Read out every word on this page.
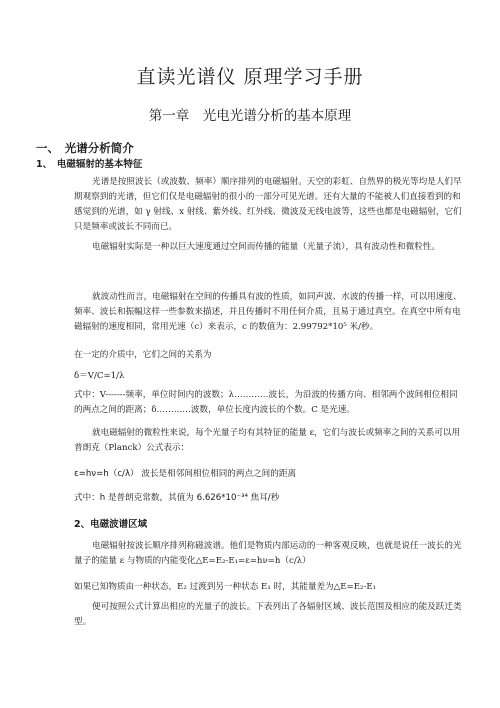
直读光谱仪 原理学习手册
第一章　光电光谱分析的基本原理
一、　光谱分析简介
1、　电磁辐射的基本特征
光谱是按照波长（或波数、频率）顺序排列的电磁辐射。天空的彩虹、自然界的极光等均是人们早期观察到的光谱，但它们仅是电磁辐射的很小的一部分可见光谱。还有大量的不能被人们直接看到的和感觉到的光谱，如 γ 射线、x 射线、紫外线、红外线、微波及无线电波等，这些也都是电磁辐射，它们只是频率或波长不同而已。
电磁辐射实际是一种以巨大速度通过空间而传播的能量（光量子流），具有波动性和微粒性。
就波动性而言，电磁辐射在空间的传播具有波的性质，如同声波、水波的传播一样，可以用速度、频率、波长和振幅这样一些参数来描述，并且传播时不用任何介质，且易于通过真空。在真空中所有电磁辐射的速度相同，常用光速（c）来表示，c 的数值为：2.99792*10⁵ 米/秒。
在一定的介质中，它们之间的关系为
δ＝V/C=1/λ
式中：V-------频率，单位时间内的波数；λ…………波长，为沿波的传播方向、相邻两个波间相位相同的两点之间的距离；δ…………波数，单位长度内波长的个数。C 是光速。
就电磁辐射的微粒性来说，每个光量子均有其特征的能量 ε，它们与波长或频率之间的关系可以用普朗克（Planck）公式表示：
ε=hν=h（c/λ） 波长是相邻间相位相同的两点之间的距离
式中：h 是普朗克常数，其值为 6.626*10⁻³⁴ 焦耳/秒
2、电磁波谱区域
电磁辐射按波长顺序排列称磁波谱。他们是物质内部运动的一种客观反映，也就是说任一波长的光量子的能量 ε 与物质的内能变化△E=E₂-E₁=ε=hν=h（c/λ）
如果已知物质由一种状态，E₂ 过渡到另一种状态 E₁ 时，其能量差为△E=E₂-E₁
便可按照公式计算出相应的光量子的波长。下表列出了各辐射区域、波长范围及相应的能及跃迁类型。
